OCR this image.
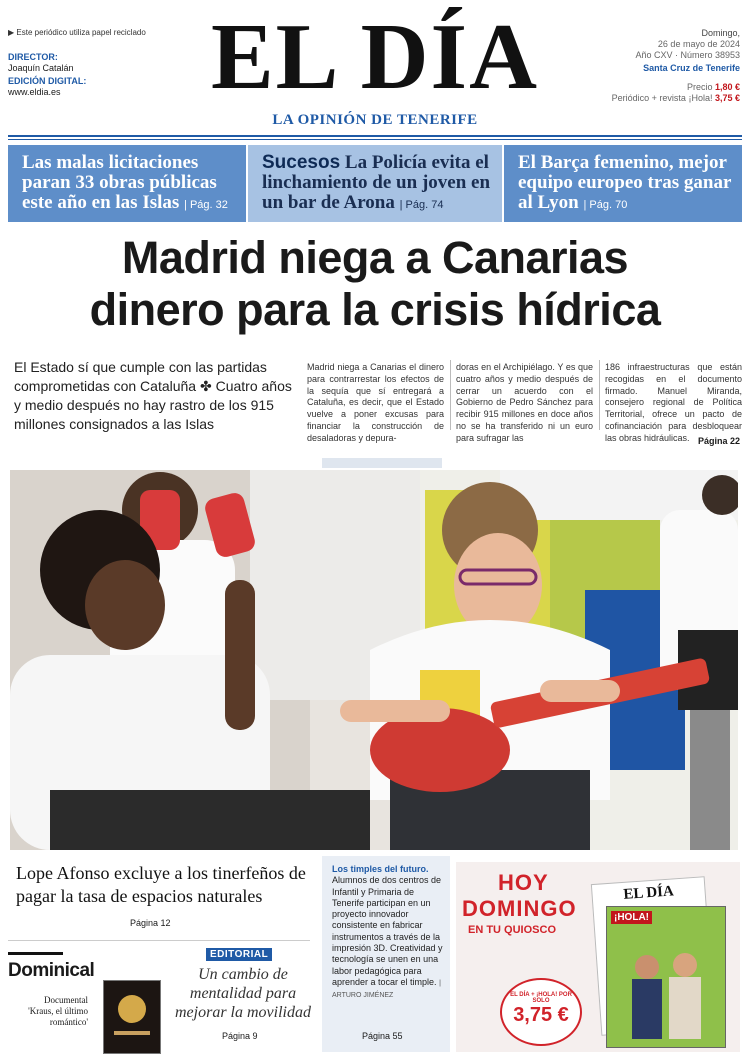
▶ Este periódico utiliza papel reciclado
DIRECTOR:
Joaquín Catalán
EDICIÓN DIGITAL:
www.eldia.es	EL DÍA
LA OPINIÓN DE TENERIFE
Domingo,
26 de mayo de 2024
Año CXV · Número 38953
Santa Cruz de Tenerife
Precio 1,80 €
Periódico + revista ¡Hola! 3,75 €
Las malas licitaciones paran 33 obras públicas este año en las Islas | Pág. 32
Sucesos La Policía evita el linchamiento de un joven en un bar de Arona | Pág. 74
El Barça femenino, mejor equipo europeo tras ganar al Lyon | Pág. 70
Madrid niega a Canarias
dinero para la crisis hídrica
El Estado sí que cumple con las partidas comprometidas con Cataluña ✤ Cuatro años y medio después no hay rastro de los 915 millones consignados a las Islas
Madrid niega a Canarias el dinero para contrarrestar los efectos de la sequía que sí entregará a Cataluña, es decir, que el Estado vuelve a poner excusas para financiar la construcción de desaladoras y depura-
doras en el Archipiélago. Y es que cuatro años y medio después de cerrar un acuerdo con el Gobierno de Pedro Sánchez para recibir 915 millones en doce años no se ha transferido ni un euro para sufragar las
186 infraestructuras que están recogidas en el documento firmado. Manuel Miranda, consejero regional de Política Territorial, ofrece un pacto de cofinanciación para desbloquear las obras hidráulicas. Página 22
Lope Afonso excluye a los tinerfeños de pagar la tasa de espacios naturales
Página 12
Dominical
Documental 'Kraus, el último romántico'
EDITORIAL
Un cambio de mentalidad para mejorar la movilidad
Página 9
Los timples del futuro. Alumnos de dos centros de Infantil y Primaria de Tenerife participan en un proyecto innovador consistente en fabricar instrumentos a través de la impresión 3D. Creatividad y tecnología se unen en una labor pedagógica para aprender a tocar el timple. | ARTURO JIMÉNEZ
Página 55
HOY
DOMINGO
EN TU QUIOSCO
EL DÍA
¡HOLA!
EL DÍA + ¡HOLA! POR SOLO
3,75 €
